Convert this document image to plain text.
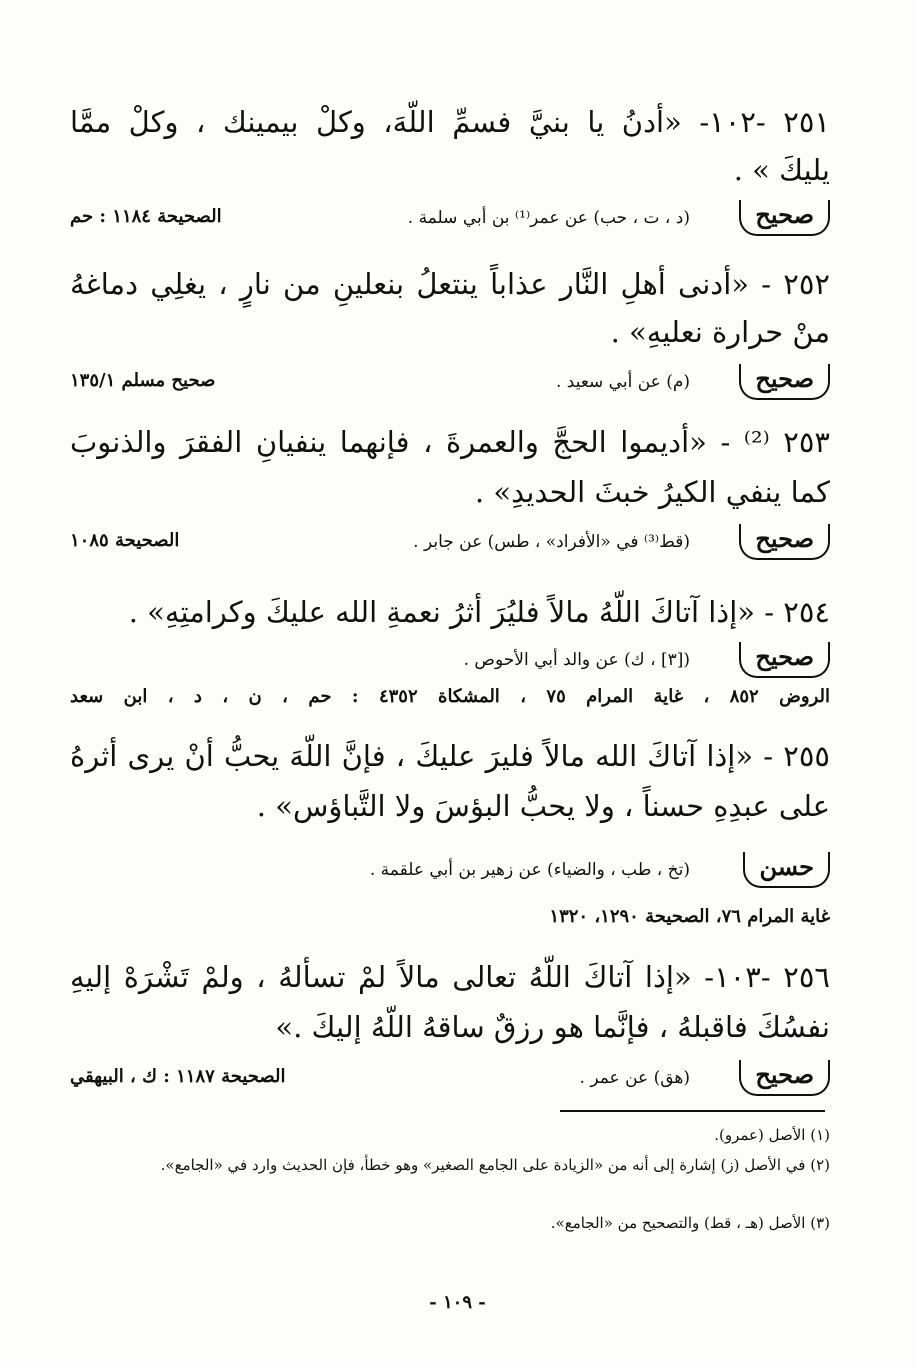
٢٥١ -١٠٢- «أدنُ يا بنيَّ فسمِّ اللّهَ، وكلْ بيمينك ، وكلْ ممَّا
يليكَ » .
صحيح
(د ، ت ، حب) عن عمر⁽¹⁾ بن أبي سلمة .
الصحيحة ١١٨٤ : حم
٢٥٢ - «أدنى أهلِ النَّار عذاباً ينتعلُ بنعلينِ من نارٍ ، يغلِي دماغهُ
منْ حرارة نعليهِ» .
صحيح
(م) عن أبي سعيد .
صحيح مسلم ١٣٥/١
٢٥٣ ⁽²⁾ - «أديموا الحجَّ والعمرةَ ، فإنهما ينفيانِ الفقرَ والذنوبَ
كما ينفي الكيرُ خبثَ الحديدِ» .
صحيح
(قط⁽³⁾ في «الأفراد» ، طس) عن جابر .
الصحيحة ١٠٨٥
٢٥٤ - «إذا آتاكَ اللّهُ مالاً فليُرَ أثرُ نعمةِ الله عليكَ وكرامتِهِ» .
صحيح
([٣] ، ك) عن والد أبي الأحوص .
الروض ٨٥٢ ، غاية المرام ٧٥ ، المشكاة ٤٣٥٢ : حم ، ن ، د ، ابن سعد
٢٥٥ - «إذا آتاكَ الله مالاً فليرَ عليكَ ، فإنَّ اللّهَ يحبُّ أنْ يرى أثرهُ
على عبدِهِ حسناً ، ولا يحبُّ البؤسَ ولا التَّباؤس» .
حسن
(تخ ، طب ، والضياء) عن زهير بن أبي علقمة .
غاية المرام ٧٦، الصحيحة ١٢٩٠، ١٣٢٠
٢٥٦ -١٠٣- «إذا آتاكَ اللّهُ تعالى مالاً لمْ تسألهُ ، ولمْ تَشْرَهْ إليهِ
نفسُكَ فاقبلهُ ، فإنَّما هو رزقٌ ساقهُ اللّهُ إليكَ .»
صحيح
(هق) عن عمر .
الصحيحة ١١٨٧ : ك ، البيهقي
(١) الأصل (عمرو).
(٢) في الأصل (ز) إشارة إلى أنه من «الزيادة على الجامع الصغير» وهو خطأ، فإن الحديث وارد في «الجامع».
(٣) الأصل (هـ ، قط) والتصحيح من «الجامع».
- ١٠٩ -
